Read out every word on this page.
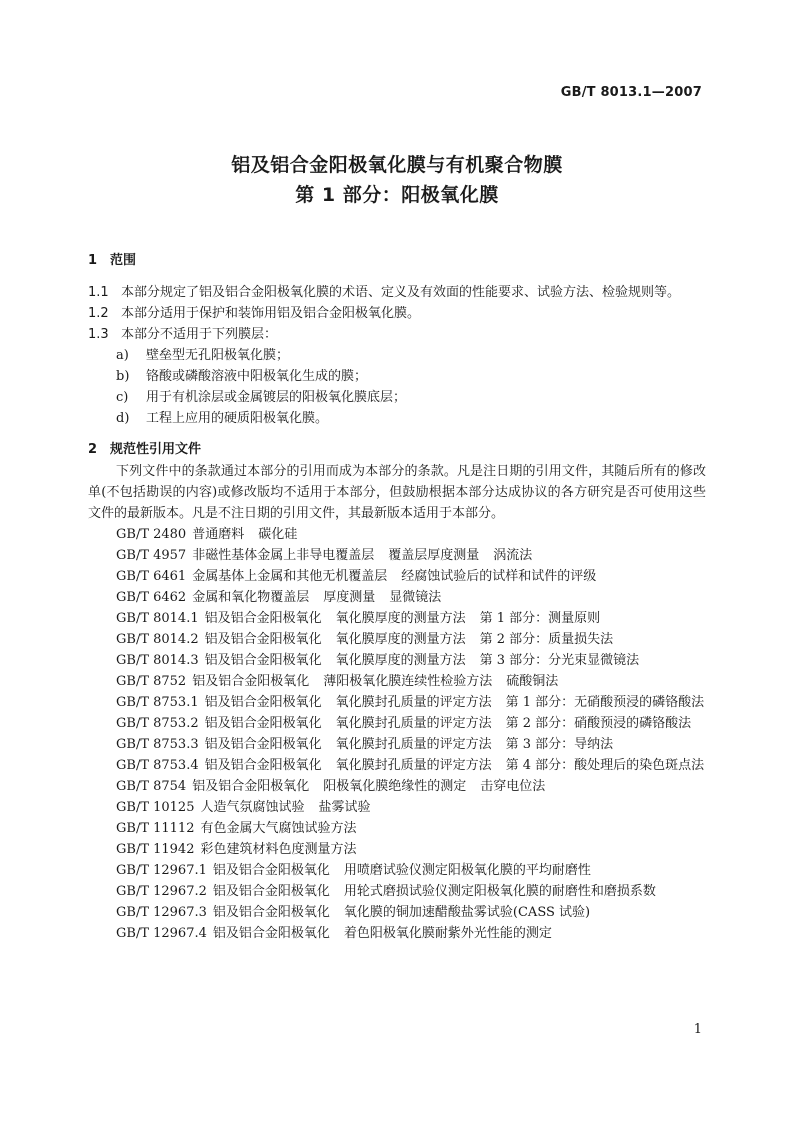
GB/T 8013.1—2007
铝及铝合金阳极氧化膜与有机聚合物膜
第 1 部分：阳极氧化膜
1 范围
1.1 本部分规定了铝及铝合金阳极氧化膜的术语、定义及有效面的性能要求、试验方法、检验规则等。
1.2 本部分适用于保护和装饰用铝及铝合金阳极氧化膜。
1.3 本部分不适用于下列膜层：
a) 壁垒型无孔阳极氧化膜；
b) 铬酸或磷酸溶液中阳极氧化生成的膜；
c) 用于有机涂层或金属镀层的阳极氧化膜底层；
d) 工程上应用的硬质阳极氧化膜。
2 规范性引用文件
下列文件中的条款通过本部分的引用而成为本部分的条款。凡是注日期的引用文件，其随后所有的修改单(不包括勘误的内容)或修改版均不适用于本部分，但鼓励根据本部分达成协议的各方研究是否可使用这些文件的最新版本。凡是不注日期的引用文件，其最新版本适用于本部分。
GB/T 2480 普通磨料 碳化硅
GB/T 4957 非磁性基体金属上非导电覆盖层 覆盖层厚度测量 涡流法
GB/T 6461 金属基体上金属和其他无机覆盖层 经腐蚀试验后的试样和试件的评级
GB/T 6462 金属和氧化物覆盖层 厚度测量 显微镜法
GB/T 8014.1 铝及铝合金阳极氧化 氧化膜厚度的测量方法 第 1 部分：测量原则
GB/T 8014.2 铝及铝合金阳极氧化 氧化膜厚度的测量方法 第 2 部分：质量损失法
GB/T 8014.3 铝及铝合金阳极氧化 氧化膜厚度的测量方法 第 3 部分：分光束显微镜法
GB/T 8752 铝及铝合金阳极氧化 薄阳极氧化膜连续性检验方法 硫酸铜法
GB/T 8753.1 铝及铝合金阳极氧化 氧化膜封孔质量的评定方法 第 1 部分：无硝酸预浸的磷铬酸法
GB/T 8753.2 铝及铝合金阳极氧化 氧化膜封孔质量的评定方法 第 2 部分：硝酸预浸的磷铬酸法
GB/T 8753.3 铝及铝合金阳极氧化 氧化膜封孔质量的评定方法 第 3 部分：导纳法
GB/T 8753.4 铝及铝合金阳极氧化 氧化膜封孔质量的评定方法 第 4 部分：酸处理后的染色斑点法
GB/T 8754 铝及铝合金阳极氧化 阳极氧化膜绝缘性的测定 击穿电位法
GB/T 10125 人造气氛腐蚀试验 盐雾试验
GB/T 11112 有色金属大气腐蚀试验方法
GB/T 11942 彩色建筑材料色度测量方法
GB/T 12967.1 铝及铝合金阳极氧化 用喷磨试验仪测定阳极氧化膜的平均耐磨性
GB/T 12967.2 铝及铝合金阳极氧化 用轮式磨损试验仪测定阳极氧化膜的耐磨性和磨损系数
GB/T 12967.3 铝及铝合金阳极氧化 氧化膜的铜加速醋酸盐雾试验(CASS 试验)
GB/T 12967.4 铝及铝合金阳极氧化 着色阳极氧化膜耐紫外光性能的测定
1
